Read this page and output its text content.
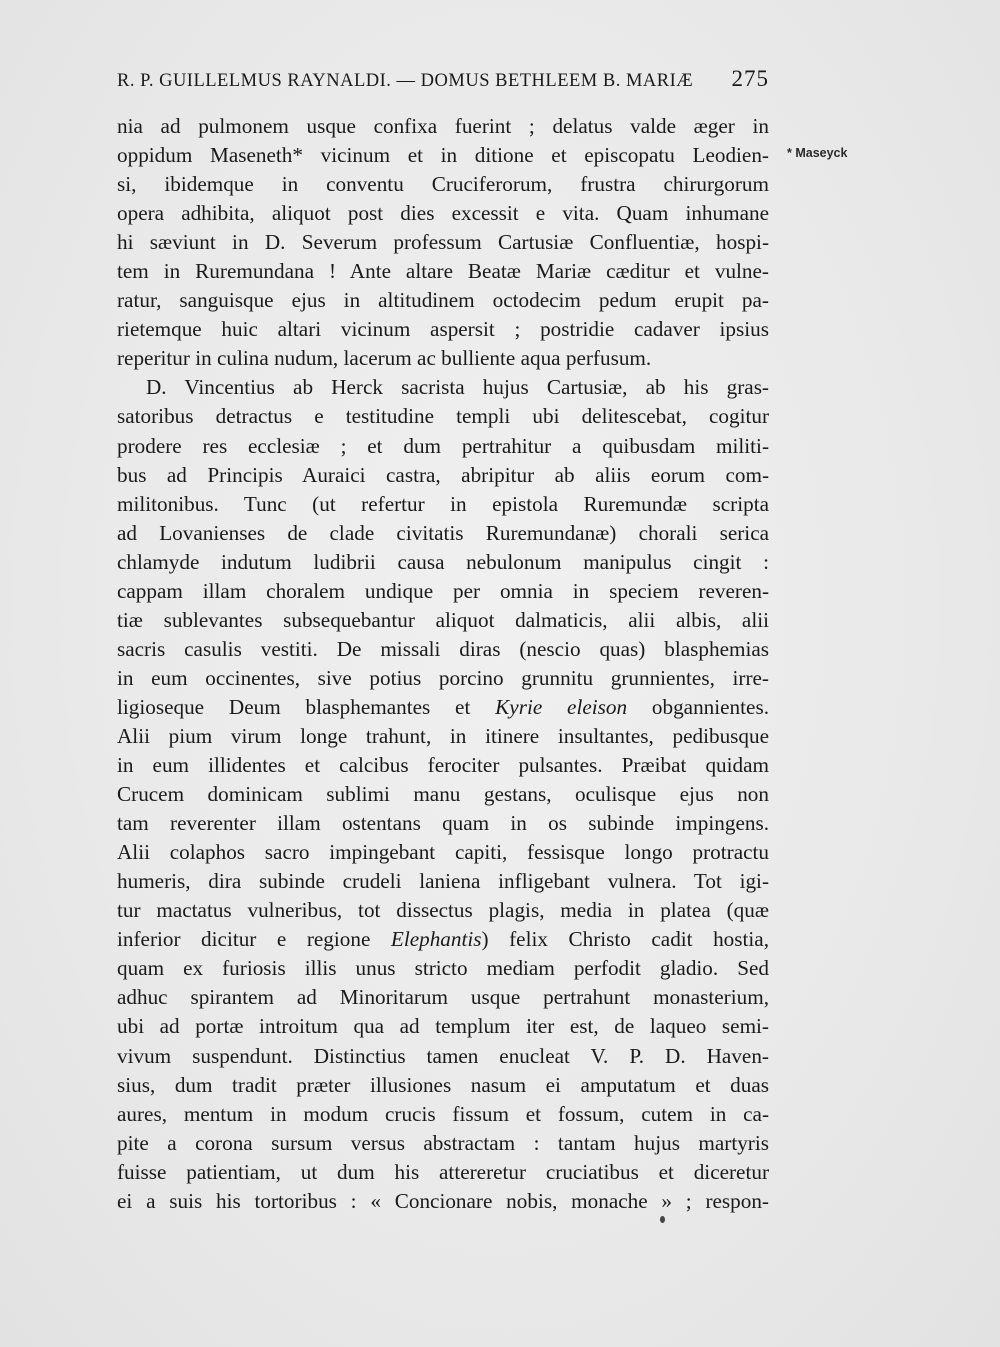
R. P. GUILLELMUS RAYNALDI. — DOMUS BETHLEEM B. MARIÆ 275
* Maseyck
nia ad pulmonem usque confixa fuerint ; delatus valde æger in
oppidum Maseneth* vicinum et in ditione et episcopatu Leodien-
si, ibidemque in conventu Cruciferorum, frustra chirurgorum
opera adhibita, aliquot post dies excessit e vita. Quam inhumane
hi sæviunt in D. Severum professum Cartusiæ Confluentiæ, hospi-
tem in Ruremundana ! Ante altare Beatæ Mariæ cæditur et vulne-
ratur, sanguisque ejus in altitudinem octodecim pedum erupit pa-
rietemque huic altari vicinum aspersit ; postridie cadaver ipsius
reperitur in culina nudum, lacerum ac bulliente aqua perfusum.
D. Vincentius ab Herck sacrista hujus Cartusiæ, ab his gras-
satoribus detractus e testitudine templi ubi delitescebat, cogitur
prodere res ecclesiæ ; et dum pertrahitur a quibusdam militi-
bus ad Principis Auraici castra, abripitur ab aliis eorum com-
militonibus. Tunc (ut refertur in epistola Ruremundæ scripta
ad Lovanienses de clade civitatis Ruremundanæ) chorali serica
chlamyde indutum ludibrii causa nebulonum manipulus cingit :
cappam illam choralem undique per omnia in speciem reveren-
tiæ sublevantes subsequebantur aliquot dalmaticis, alii albis, alii
sacris casulis vestiti. De missali diras (nescio quas) blasphemias
in eum occinentes, sive potius porcino grunnitu grunnientes, irre-
ligioseque Deum blasphemantes et Kyrie eleison obgannientes.
Alii pium virum longe trahunt, in itinere insultantes, pedibusque
in eum illidentes et calcibus ferociter pulsantes. Præibat quidam
Crucem dominicam sublimi manu gestans, oculisque ejus non
tam reverenter illam ostentans quam in os subinde impingens.
Alii colaphos sacro impingebant capiti, fessisque longo protractu
humeris, dira subinde crudeli laniena infligebant vulnera. Tot igi-
tur mactatus vulneribus, tot dissectus plagis, media in platea (quæ
inferior dicitur e regione Elephantis) felix Christo cadit hostia,
quam ex furiosis illis unus stricto mediam perfodit gladio. Sed
adhuc spirantem ad Minoritarum usque pertrahunt monasterium,
ubi ad portæ introitum qua ad templum iter est, de laqueo semi-
vivum suspendunt. Distinctius tamen enucleat V. P. D. Haven-
sius, dum tradit præter illusiones nasum ei amputatum et duas
aures, mentum in modum crucis fissum et fossum, cutem in ca-
pite a corona sursum versus abstractam : tantam hujus martyris
fuisse patientiam, ut dum his attereretur cruciatibus et diceretur
ei a suis his tortoribus : « Concionare nobis, monache » ; respon-
